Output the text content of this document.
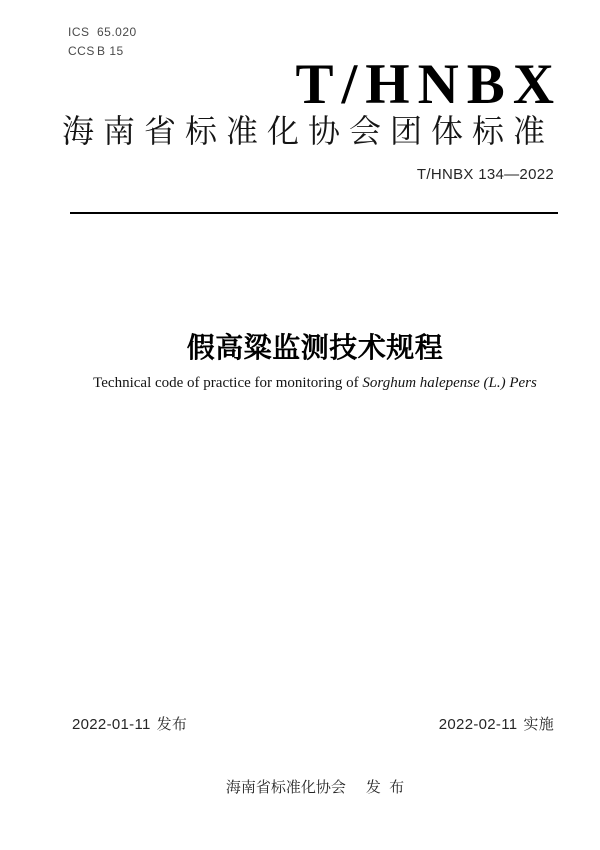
ICS 65.020
CCS B 15
T/HNBX
海南省标准化协会团体标准
T/HNBX 134—2022
假高粱监测技术规程
Technical code of practice for monitoring of Sorghum halepense (L.) Pers
2022-01-11 发布	2022-02-11 实施
海南省标准化协会 发 布
